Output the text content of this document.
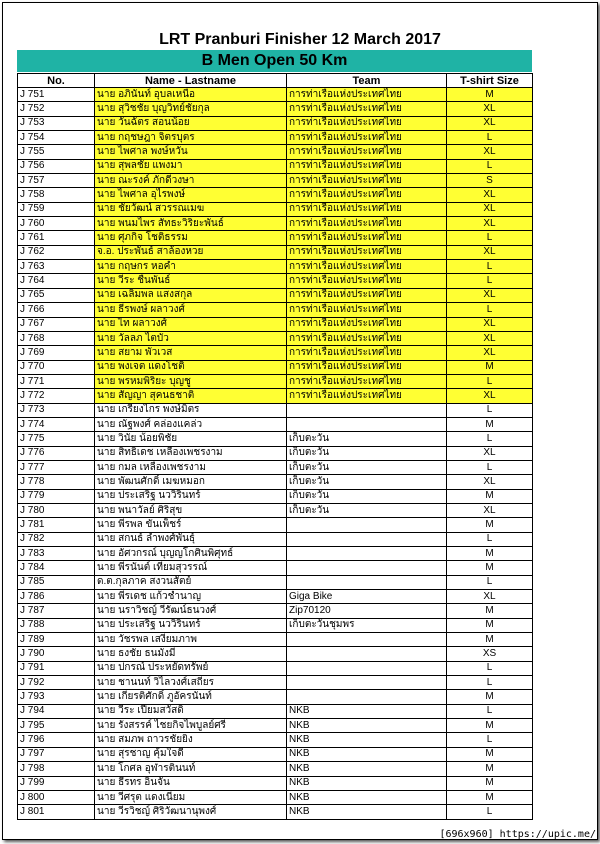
LRT Pranburi Finisher 12 March 2017
B Men Open 50 Km
No.	Name - Lastname	Team	T-shirt Size
J 751	นาย อภินันท์ อุบลเหนือ	การท่าเรือแห่งประเทศไทย	M
J 752	นาย สุวิชชัย บุญวิทย์ชัยกุล	การท่าเรือแห่งประเทศไทย	XL
J 753	นาย วันฉัตร สอนน้อย	การท่าเรือแห่งประเทศไทย	XL
J 754	นาย กฤชษฎา จิตรบุตร	การท่าเรือแห่งประเทศไทย	L
J 755	นาย ไพศาล พงษ์หวั่น	การท่าเรือแห่งประเทศไทย	XL
J 756	นาย สุพลชัย แพงมา	การท่าเรือแห่งประเทศไทย	L
J 757	นาย ณะรงค์ ภักดีวงษา	การท่าเรือแห่งประเทศไทย	S
J 758	นาย ไพศาล อุไรพงษ์	การท่าเรือแห่งประเทศไทย	XL
J 759	นาย ชัยวัฒน์ สวรรณเมฆ	การท่าเรือแห่งประเทศไทย	XL
J 760	นาย พนมไพร สัทธะวิริยะพันธ์	การท่าเรือแห่งประเทศไทย	XL
J 761	นาย ศุภกิจ โชติธรรม	การท่าเรือแห่งประเทศไทย	L
J 762	จ.อ. ประพันธ์ สาล้องหวย	การท่าเรือแห่งประเทศไทย	XL
J 763	นาย กฤษกร หอคำ	การท่าเรือแห่งประเทศไทย	L
J 764	นาย วีระ ชื่นพันธ์	การท่าเรือแห่งประเทศไทย	L
J 765	นาย เฉลิมพล แสงสกุล	การท่าเรือแห่งประเทศไทย	XL
J 766	นาย ธีรพงษ์ ผลาวงศ์	การท่าเรือแห่งประเทศไทย	L
J 767	นาย ไท ผลาวงศ์	การท่าเรือแห่งประเทศไทย	XL
J 768	นาย วัลลภ ไตบัว	การท่าเรือแห่งประเทศไทย	XL
J 769	นาย สยาม พัวเวส	การท่าเรือแห่งประเทศไทย	XL
J 770	นาย พงเจต แดงโชติ	การท่าเรือแห่งประเทศไทย	M
J 771	นาย พรหมพิริยะ บุญชู	การท่าเรือแห่งประเทศไทย	L
J 772	นาย สัญญา สุคนธชาติ	การท่าเรือแห่งประเทศไทย	XL
J 773	นาย เกรียงไกร พงษ์มิตร		L
J 774	นาย ณัฐพงศ์ คล่องแคล่ว		M
J 775	นาย วินัย น้อยพิชัย	เก็บตะวัน	L
J 776	นาย สิทธิเดช เหลืองเพชรงาม	เก็บตะวัน	XL
J 777	นาย กมล เหลืองเพชรงาม	เก็บตะวัน	L
J 778	นาย พัฒนศักดิ์ เมฆหมอก	เก็บตะวัน	XL
J 779	นาย ประเสริฐ นววิรินทร์	เก็บตะวัน	M
J 780	นาย พนาวัลย์ ศิริสุข	เก็บตะวัน	XL
J 781	นาย พีรพล ขันเพ็ชร์		M
J 782	นาย สกนธ์ ลำพงศ์พันธุ์		L
J 783	นาย อัศวกรณ์ บุญญโกศินพิศุทธ์		M
J 784	นาย พีรนันต์ เทียมสุวรรณ์		M
J 785	ด.ต.กุลภาค สงวนสัตย์		L
J 786	นาย พีรเดช แก้วชำนาญ	Giga Bike	XL
J 787	นาย นราวิชญ์ วีรัฒน์ธนวงศ์	Zip70120	M
J 788	นาย ประเสริฐ นววิรินทร์	เก็บตะวันชุมพร	M
J 789	นาย วัชรพล เสงี่ยมภาพ		M
J 790	นาย ธงชัย ธนมั่งมี		XS
J 791	นาย ปกรณ์ ประหยัดทรัพย์		L
J 792	นาย ชานนท์ วิไลวงศ์เสถียร		L
J 793	นาย เกียรติศักดิ์ ภูอัครนันท์		M
J 794	นาย วีระ เปี่ยมสวัสดิ์	NKB	L
J 795	นาย รังสรรค์ ไชยกิจไพบูลย์ศรี	NKB	M
J 796	นาย สมภพ ถาวรชัยยิ่ง	NKB	L
J 797	นาย สุรชาญ คุ้มใจดี	NKB	M
J 798	นาย โกศล อุฬารตินนท์	NKB	M
J 799	นาย ธีรทร อินจัน	NKB	M
J 800	นาย วีศรุต แดงเนียม	NKB	M
J 801	นาย วีรวิชญ์ ศิริวัฒนานุพงศ์	NKB	L
[696x960] https://upic.me/
